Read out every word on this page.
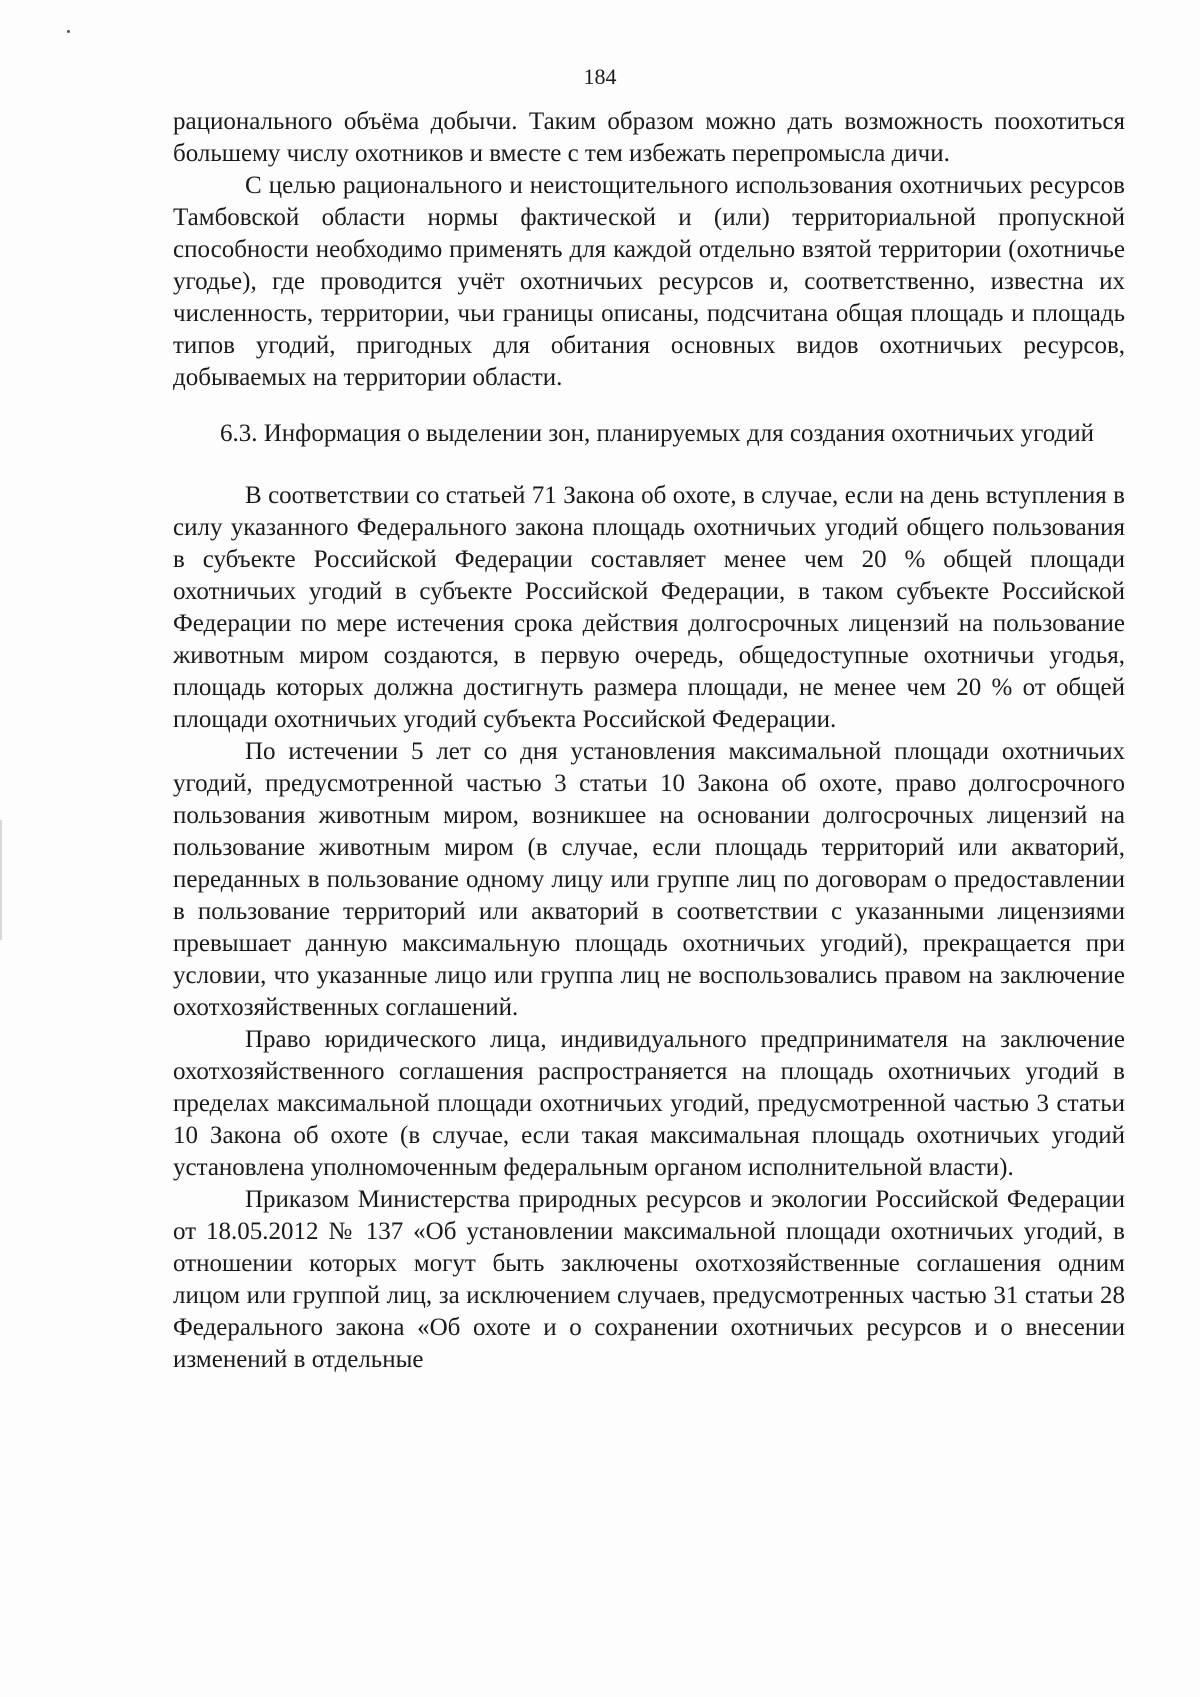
184

рационального объёма добычи. Таким образом можно дать возможность поохотиться большему числу охотников и вместе с тем избежать перепромысла дичи.

С целью рационального и неистощительного использования охотничьих ресурсов Тамбовской области нормы фактической и (или) территориальной пропускной способности необходимо применять для каждой отдельно взятой территории (охотничье угодье), где проводится учёт охотничьих ресурсов и, соответственно, известна их численность, территории, чьи границы описаны, подсчитана общая площадь и площадь типов угодий, пригодных для обитания основных видов охотничьих ресурсов, добываемых на территории области.

6.3. Информация о выделении зон, планируемых для создания охотничьих угодий

В соответствии со статьей 71 Закона об охоте, в случае, если на день вступления в силу указанного Федерального закона площадь охотничьих угодий общего пользования в субъекте Российской Федерации составляет менее чем 20 % общей площади охотничьих угодий в субъекте Российской Федерации, в таком субъекте Российской Федерации по мере истечения срока действия долгосрочных лицензий на пользование животным миром создаются, в первую очередь, общедоступные охотничьи угодья, площадь которых должна достигнуть размера площади, не менее чем 20 % от общей площади охотничьих угодий субъекта Российской Федерации.

По истечении 5 лет со дня установления максимальной площади охотничьих угодий, предусмотренной частью 3 статьи 10 Закона об охоте, право долгосрочного пользования животным миром, возникшее на основании долгосрочных лицензий на пользование животным миром (в случае, если площадь территорий или акваторий, переданных в пользование одному лицу или группе лиц по договорам о предоставлении в пользование территорий или акваторий в соответствии с указанными лицензиями превышает данную максимальную площадь охотничьих угодий), прекращается при условии, что указанные лицо или группа лиц не воспользовались правом на заключение охотхозяйственных соглашений.

Право юридического лица, индивидуального предпринимателя на заключение охотхозяйственного соглашения распространяется на площадь охотничьих угодий в пределах максимальной площади охотничьих угодий, предусмотренной частью 3 статьи 10 Закона об охоте (в случае, если такая максимальная площадь охотничьих угодий установлена уполномоченным федеральным органом исполнительной власти).

Приказом Министерства природных ресурсов и экологии Российской Федерации от 18.05.2012 № 137 «Об установлении максимальной площади охотничьих угодий, в отношении которых могут быть заключены охотхозяйственные соглашения одним лицом или группой лиц, за исключением случаев, предусмотренных частью 31 статьи 28 Федерального закона «Об охоте и о сохранении охотничьих ресурсов и о внесении изменений в отдельные
